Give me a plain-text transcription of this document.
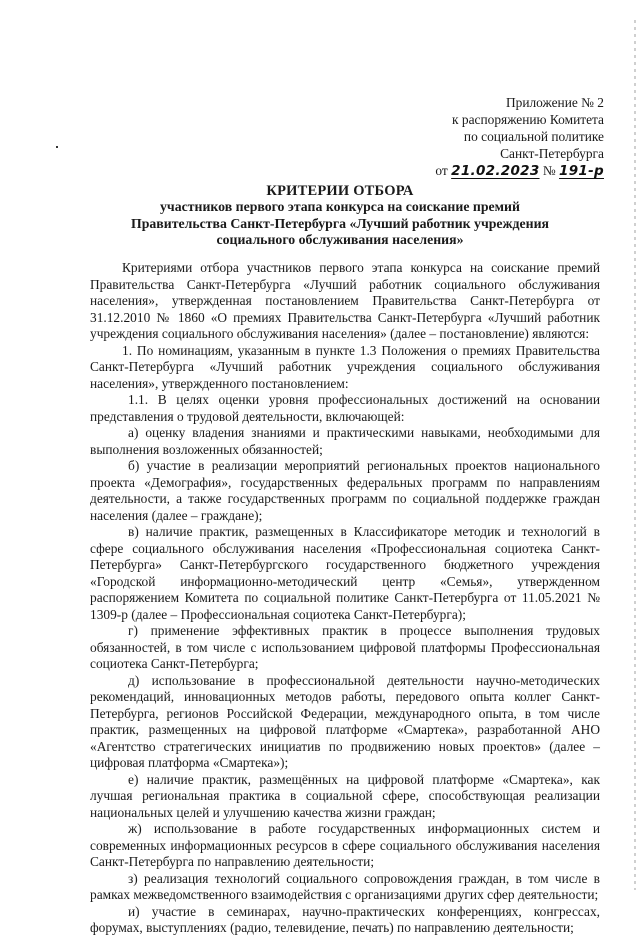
Приложение № 2
к распоряжению Комитета
по социальной политике
Санкт-Петербурга
от 21.02.2023 № 191-р
КРИТЕРИИ ОТБОРА
участников первого этапа конкурса на соискание премий
Правительства Санкт-Петербурга «Лучший работник учреждения социального обслуживания населения»

Критериями отбора участников первого этапа конкурса на соискание премий Правительства Санкт-Петербурга «Лучший работник социального обслуживания населения», утвержденная постановлением Правительства Санкт-Петербурга от 31.12.2010 № 1860 «О премиях Правительства Санкт-Петербурга «Лучший работник учреждения социального обслуживания населения» (далее – постановление) являются:

1. По номинациям, указанным в пункте 1.3 Положения о премиях Правительства Санкт-Петербурга «Лучший работник учреждения социального обслуживания населения», утвержденного постановлением:

1.1. В целях оценки уровня профессиональных достижений на основании представления о трудовой деятельности, включающей:

а) оценку владения знаниями и практическими навыками, необходимыми для выполнения возложенных обязанностей;

б) участие в реализации мероприятий региональных проектов национального проекта «Демография», государственных федеральных программ по направлениям деятельности, а также государственных программ по социальной поддержке граждан населения (далее – граждане);

в) наличие практик, размещенных в Классификаторе методик и технологий в сфере социального обслуживания населения «Профессиональная социотека Санкт-Петербурга» Санкт-Петербургского государственного бюджетного учреждения «Городской информационно-методический центр «Семья», утвержденном распоряжением Комитета по социальной политике Санкт-Петербурга от 11.05.2021 № 1309-р (далее – Профессиональная социотека Санкт-Петербурга);

г) применение эффективных практик в процессе выполнения трудовых обязанностей, в том числе с использованием цифровой платформы Профессиональная социотека Санкт-Петербурга;

д) использование в профессиональной деятельности научно-методических рекомендаций, инновационных методов работы, передового опыта коллег Санкт-Петербурга, регионов Российской Федерации, международного опыта, в том числе практик, размещенных на цифровой платформе «Смартека», разработанной АНО «Агентство стратегических инициатив по продвижению новых проектов» (далее – цифровая платформа «Смартека»);

е) наличие практик, размещённых на цифровой платформе «Смартека», как лучшая региональная практика в социальной сфере, способствующая реализации национальных целей и улучшению качества жизни граждан;

ж) использование в работе государственных информационных систем и современных информационных ресурсов в сфере социального обслуживания населения Санкт-Петербурга по направлению деятельности;

з) реализация технологий социального сопровождения граждан, в том числе в рамках межведомственного взаимодействия с организациями других сфер деятельности;

и) участие в семинарах, научно-практических конференциях, конгрессах, форумах, выступлениях (радио, телевидение, печать) по направлению деятельности;
